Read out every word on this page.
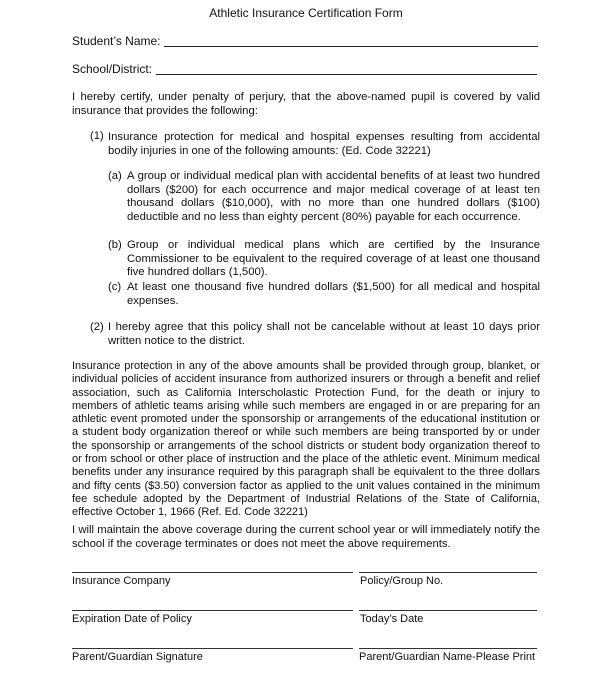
Athletic Insurance Certification Form
Student’s Name:
School/District:

I hereby certify, under penalty of perjury, that the above-named pupil is covered by valid insurance that provides the following:

(1) Insurance protection for medical and hospital expenses resulting from accidental bodily injuries in one of the following amounts: (Ed. Code 32221)

(a) A group or individual medical plan with accidental benefits of at least two hundred dollars ($200) for each occurrence and major medical coverage of at least ten thousand dollars ($10,000), with no more than one hundred dollars ($100) deductible and no less than eighty percent (80%) payable for each occurrence.

(b) Group or individual medical plans which are certified by the Insurance Commissioner to be equivalent to the required coverage of at least one thousand five hundred dollars (1,500).

(c) At least one thousand five hundred dollars ($1,500) for all medical and hospital expenses.

(2) I hereby agree that this policy shall not be cancelable without at least 10 days prior written notice to the district.

Insurance protection in any of the above amounts shall be provided through group, blanket, or individual policies of accident insurance from authorized insurers or through a benefit and relief association, such as California Interscholastic Protection Fund, for the death or injury to members of athletic teams arising while such members are engaged in or are preparing for an athletic event promoted under the sponsorship or arrangements of the educational institution or a student body organization thereof or while such members are being transported by or under the sponsorship or arrangements of the school districts or student body organization thereof to or from school or other place of instruction and the place of the athletic event. Minimum medical benefits under any insurance required by this paragraph shall be equivalent to the three dollars and fifty cents ($3.50) conversion factor as applied to the unit values contained in the minimum fee schedule adopted by the Department of Industrial Relations of the State of California, effective October 1, 1966 (Ref. Ed. Code 32221)

I will maintain the above coverage during the current school year or will immediately notify the school if the coverage terminates or does not meet the above requirements.

Insurance Company	Policy/Group No.
Expiration Date of Policy	Today’s Date
Parent/Guardian Signature	Parent/Guardian Name-Please Print
